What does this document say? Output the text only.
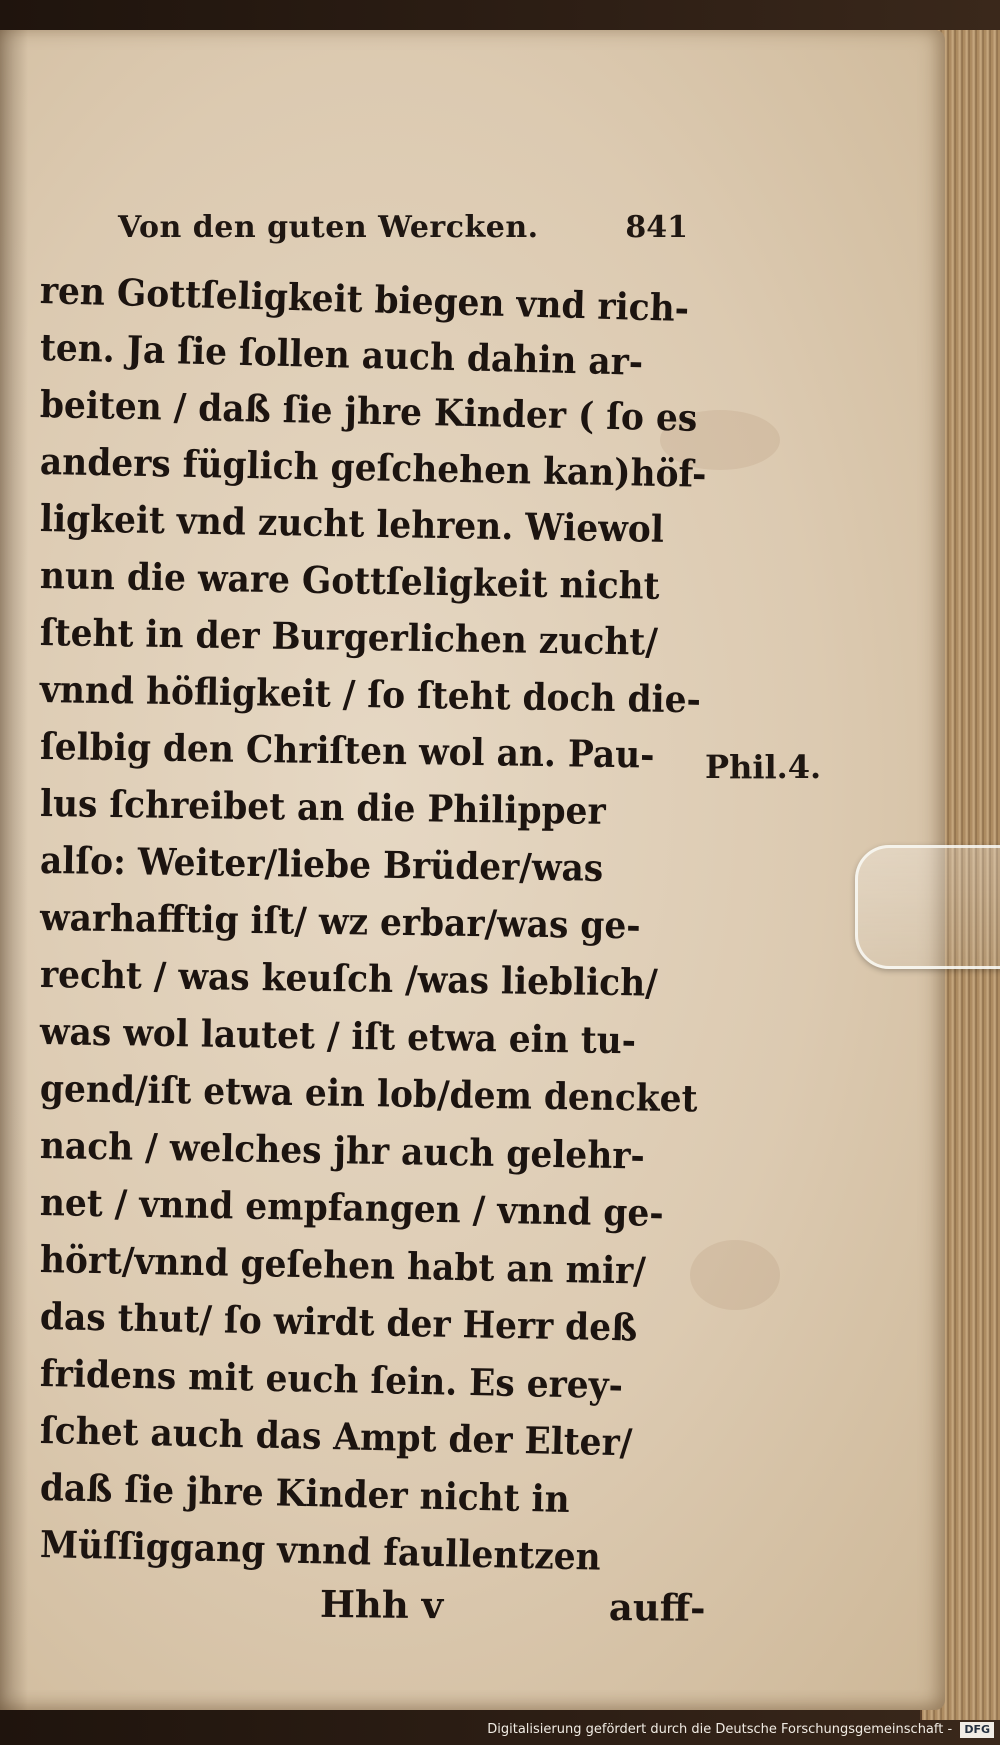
Von den guten Wercken.	841
ren Gottſeligkeit biegen vnd rich-
ten. Ja ſie ſollen auch dahin ar-
beiten / daß ſie jhre Kinder ( ſo es
anders füglich geſchehen kan)höf-
ligkeit vnd zucht lehren. Wiewol
nun die ware Gottſeligkeit nicht
ſteht in der Burgerlichen zucht/
vnnd höfligkeit / ſo ſteht doch die-
ſelbig den Chriſten wol an. Pau-
lus ſchreibet an die Philipper
alſo: Weiter/liebe Brüder/was
warhafftig iſt/ wz erbar/was ge-
recht / was keuſch /was lieblich/
was wol lautet / iſt etwa ein tu-
gend/iſt etwa ein lob/dem dencket
nach / welches jhr auch gelehr-
net / vnnd empfangen / vnnd ge-
hört/vnnd geſehen habt an mir/
das thut/ ſo wirdt der Herr deß
fridens mit euch ſein. Es erey-
ſchet auch das Ampt der Elter/
daß ſie jhre Kinder nicht in
Müſſiggang vnnd faullentzen
Hhh v	auff-
Phil.4.
Digitalisierung gefördert durch die Deutsche Forschungsgemeinschaft - DFG
